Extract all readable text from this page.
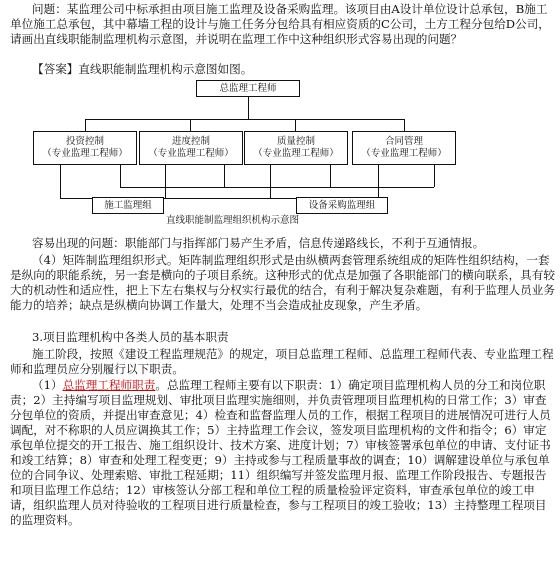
问题：某监理公司中标承担由项目施工监理及设备采购监理。该项目由A设计单位设计总承包，B施工单位施工总承包，其中幕墙工程的设计与施工任务分包给具有相应资质的C公司，土方工程分包给D公司，请画出直线职能制监理机构示意图，并说明在监理工作中这种组织形式容易出现的问题？

【答案】直线职能制监理机构示意图如图。

总监理工程师
投资控制
（专业监理工程师）
进度控制
（专业监理工程师）
质量控制
（专业监理工程师）
合同管理
（专业监理工程师）
施工监理组	设备采购监理组
直线职能制监理组织机构示意图

容易出现的问题：职能部门与指挥部门易产生矛盾，信息传递路线长，不利于互通情报。

（4）矩阵制监理组织形式。矩阵制监理组织形式是由纵横两套管理系统组成的矩阵性组织结构，一套是纵向的职能系统，另一套是横向的子项目系统。这种形式的优点是加强了各职能部门的横向联系，具有较大的机动性和适应性，把上下左右集权与分权实行最优的结合，有利于解决复杂难题，有利于监理人员业务能力的培养；缺点是纵横向协调工作量大，处理不当会造成扯皮现象，产生矛盾。

3.项目监理机构中各类人员的基本职责

施工阶段，按照《建设工程监理规范》的规定，项目总监理工程师、总监理工程师代表、专业监理工程师和监理员应分别履行以下职责。

（1）总监理工程师职责。总监理工程师主要有以下职责：1）确定项目监理机构人员的分工和岗位职责；2）主持编写项目监理规划、审批项目监理实施细则，并负责管理项目监理机构的日常工作；3）审查分包单位的资质，并提出审查意见；4）检查和监督监理人员的工作，根据工程项目的进展情况可进行人员调配，对不称职的人员应调换其工作；5）主持监理工作会议，签发项目监理机构的文件和指令；6）审定承包单位提交的开工报告、施工组织设计、技术方案、进度计划；7）审核签署承包单位的申请、支付证书和竣工结算；8）审查和处理工程变更；9）主持或参与工程质量事故的调查；10）调解建设单位与承包单位的合同争议、处理索赔、审批工程延期；11）组织编写并签发监理月报、监理工作阶段报告、专题报告和项目监理工作总结；12）审核签认分部工程和单位工程的质量检验评定资料，审查承包单位的竣工申请，组织监理人员对待验收的工程项目进行质量检查，参与工程项目的竣工验收；13）主持整理工程项目的监理资料。
